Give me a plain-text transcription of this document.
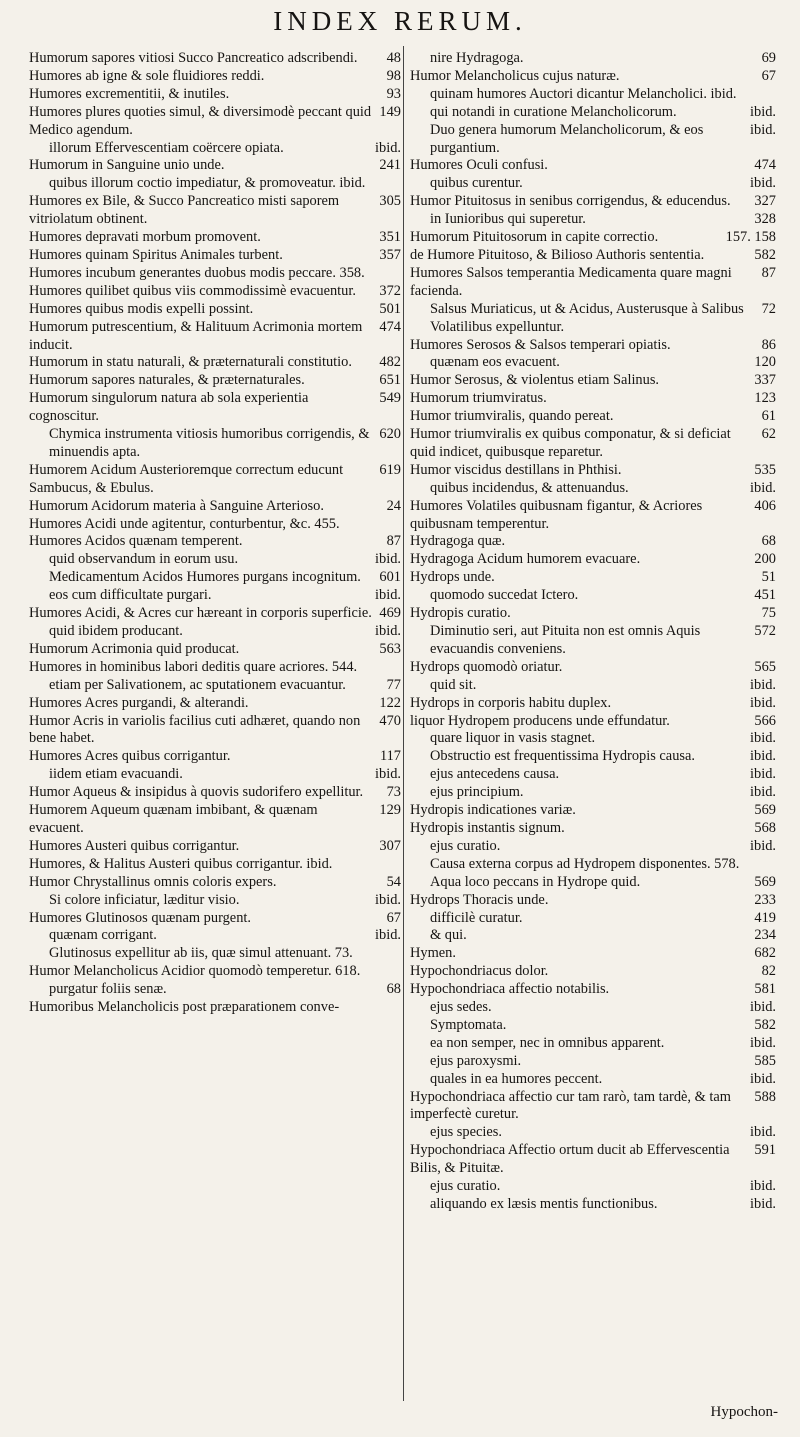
INDEX RERUM.
48
Humorum sapores vitiosi Succo Pancreatico adscribendi.
98
Humores ab igne & sole fluidiores reddi.
93
Humores excrementitii, & inutiles.
149
Humores plures quoties simul, & diversimodè peccant quid Medico agendum.
ibid.
illorum Effervescentiam coërcere opiata.
241
Humorum in Sanguine unio unde.
quibus illorum coctio impediatur, & promoveatur. ibid.
305
Humores ex Bile, & Succo Pancreatico misti saporem vitriolatum obtinent.
351
Humores depravati morbum promovent.
357
Humores quinam Spiritus Animales turbent.
Humores incubum generantes duobus modis peccare. 358.
372
Humores quilibet quibus viis commodissimè evacuentur.
501
Humores quibus modis expelli possint.
474
Humorum putrescentium, & Halituum Acrimonia mortem inducit.
482
Humorum in statu naturali, & præternaturali constitutio.
651
Humorum sapores naturales, & præternaturales.
549
Humorum singulorum natura ab sola experientia cognoscitur.
620
Chymica instrumenta vitiosis humoribus corrigendis, & minuendis apta.
619
Humorem Acidum Austerioremque correctum educunt Sambucus, & Ebulus.
24
Humorum Acidorum materia à Sanguine Arterioso.
Humores Acidi unde agitentur, conturbentur, &c. 455.
87
Humores Acidos quænam temperent.
ibid.
quid observandum in eorum usu.
601
Medicamentum Acidos Humores purgans incognitum.
ibid.
eos cum difficultate purgari.
469
Humores Acidi, & Acres cur hæreant in corporis superficie.
ibid.
quid ibidem producant.
563
Humorum Acrimonia quid producat.
Humores in hominibus labori deditis quare acriores. 544.
77
etiam per Salivationem, ac sputationem evacuantur.
122
Humores Acres purgandi, & alterandi.
470
Humor Acris in variolis facilius cuti adhæret, quando non bene habet.
117
Humores Acres quibus corrigantur.
ibid.
iidem etiam evacuandi.
73
Humor Aqueus & insipidus à quovis sudorifero expellitur.
129
Humorem Aqueum quænam imbibant, & quænam evacuent.
307
Humores Austeri quibus corrigantur.
Humores, & Halitus Austeri quibus corrigantur. ibid.
54
Humor Chrystallinus omnis coloris expers.
ibid.
Si colore inficiatur, læditur visio.
67
Humores Glutinosos quænam purgent.
ibid.
quænam corrigant.
Glutinosus expellitur ab iis, quæ simul attenuant. 73.
Humor Melancholicus Acidior quomodò temperetur. 618.
68
purgatur foliis senæ.
Humoribus Melancholicis post præparationem conve-
69
nire Hydragoga.
67
Humor Melancholicus cujus naturæ.
quinam humores Auctori dicantur Melancholici. ibid.
ibid.
qui notandi in curatione Melancholicorum.
ibid.
Duo genera humorum Melancholicorum, & eos purgantium.
474
Humores Oculi confusi.
ibid.
quibus curentur.
327
Humor Pituitosus in senibus corrigendus, & educendus.
328
in Iunioribus qui superetur.
157. 158
Humorum Pituitosorum in capite correctio.
582
de Humore Pituitoso, & Bilioso Authoris sententia.
87
Humores Salsos temperantia Medicamenta quare magni facienda.
72
Salsus Muriaticus, ut & Acidus, Austerusque à Salibus Volatilibus expelluntur.
86
Humores Serosos & Salsos temperari opiatis.
120
quænam eos evacuent.
337
Humor Serosus, & violentus etiam Salinus.
123
Humorum triumviratus.
61
Humor triumviralis, quando pereat.
62
Humor triumviralis ex quibus componatur, & si deficiat quid indicet, quibusque reparetur.
535
Humor viscidus destillans in Phthisi.
ibid.
quibus incidendus, & attenuandus.
406
Humores Volatiles quibusnam figantur, & Acriores quibusnam temperentur.
68
Hydragoga quæ.
200
Hydragoga Acidum humorem evacuare.
51
Hydrops unde.
451
quomodo succedat Ictero.
75
Hydropis curatio.
572
Diminutio seri, aut Pituita non est omnis Aquis evacuandis conveniens.
565
Hydrops quomodò oriatur.
ibid.
quid sit.
ibid.
Hydrops in corporis habitu duplex.
566
liquor Hydropem producens unde effundatur.
ibid.
quare liquor in vasis stagnet.
ibid.
Obstructio est frequentissima Hydropis causa.
ibid.
ejus antecedens causa.
ibid.
ejus principium.
569
Hydropis indicationes variæ.
568
Hydropis instantis signum.
ibid.
ejus curatio.
Causa externa corpus ad Hydropem disponentes. 578.
569
Aqua loco peccans in Hydrope quid.
233
Hydrops Thoracis unde.
419
difficilè curatur.
234
& qui.
682
Hymen.
82
Hypochondriacus dolor.
581
Hypochondriaca affectio notabilis.
ibid.
ejus sedes.
582
Symptomata.
ibid.
ea non semper, nec in omnibus apparent.
585
ejus paroxysmi.
ibid.
quales in ea humores peccent.
588
Hypochondriaca affectio cur tam rarò, tam tardè, & tam imperfectè curetur.
ibid.
ejus species.
591
Hypochondriaca Affectio ortum ducit ab Effervescentia Bilis, & Pituitæ.
ibid.
ejus curatio.
ibid.
aliquando ex læsis mentis functionibus.
Hypochon-
